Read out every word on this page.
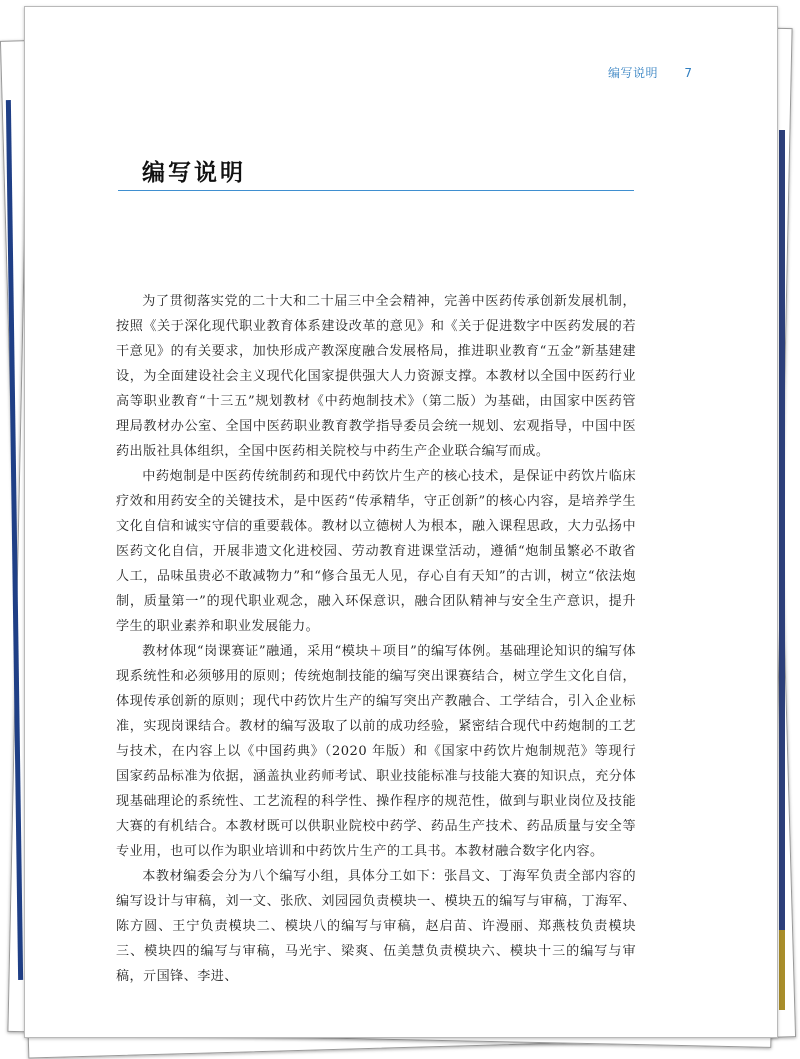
编写说明 7
编写说明

为了贯彻落实党的二十大和二十届三中全会精神，完善中医药传承创新发展机制，按照《关于深化现代职业教育体系建设改革的意见》和《关于促进数字中医药发展的若干意见》的有关要求，加快形成产教深度融合发展格局，推进职业教育“五金”新基建建设，为全面建设社会主义现代化国家提供强大人力资源支撑。本教材以全国中医药行业高等职业教育“十三五”规划教材《中药炮制技术》（第二版）为基础，由国家中医药管理局教材办公室、全国中医药职业教育教学指导委员会统一规划、宏观指导，中国中医药出版社具体组织，全国中医药相关院校与中药生产企业联合编写而成。

中药炮制是中医药传统制药和现代中药饮片生产的核心技术，是保证中药饮片临床疗效和用药安全的关键技术，是中医药“传承精华，守正创新”的核心内容，是培养学生文化自信和诚实守信的重要载体。教材以立德树人为根本，融入课程思政，大力弘扬中医药文化自信，开展非遗文化进校园、劳动教育进课堂活动，遵循“炮制虽繁必不敢省人工，品味虽贵必不敢减物力”和“修合虽无人见，存心自有天知”的古训，树立“依法炮制，质量第一”的现代职业观念，融入环保意识，融合团队精神与安全生产意识，提升学生的职业素养和职业发展能力。

教材体现“岗课赛证”融通，采用“模块＋项目”的编写体例。基础理论知识的编写体现系统性和必须够用的原则；传统炮制技能的编写突出课赛结合，树立学生文化自信，体现传承创新的原则；现代中药饮片生产的编写突出产教融合、工学结合，引入企业标准，实现岗课结合。教材的编写汲取了以前的成功经验，紧密结合现代中药炮制的工艺与技术，在内容上以《中国药典》（2020 年版）和《国家中药饮片炮制规范》等现行国家药品标准为依据，涵盖执业药师考试、职业技能标准与技能大赛的知识点，充分体现基础理论的系统性、工艺流程的科学性、操作程序的规范性，做到与职业岗位及技能大赛的有机结合。本教材既可以供职业院校中药学、药品生产技术、药品质量与安全等专业用，也可以作为职业培训和中药饮片生产的工具书。本教材融合数字化内容。

本教材编委会分为八个编写小组，具体分工如下：张昌文、丁海军负责全部内容的编写设计与审稿，刘一文、张欣、刘园园负责模块一、模块五的编写与审稿，丁海军、陈方圆、王宁负责模块二、模块八的编写与审稿，赵启苗、许漫丽、郑燕枝负责模块三、模块四的编写与审稿，马光宇、梁爽、伍美慧负责模块六、模块十三的编写与审稿，亓国锋、李进、
